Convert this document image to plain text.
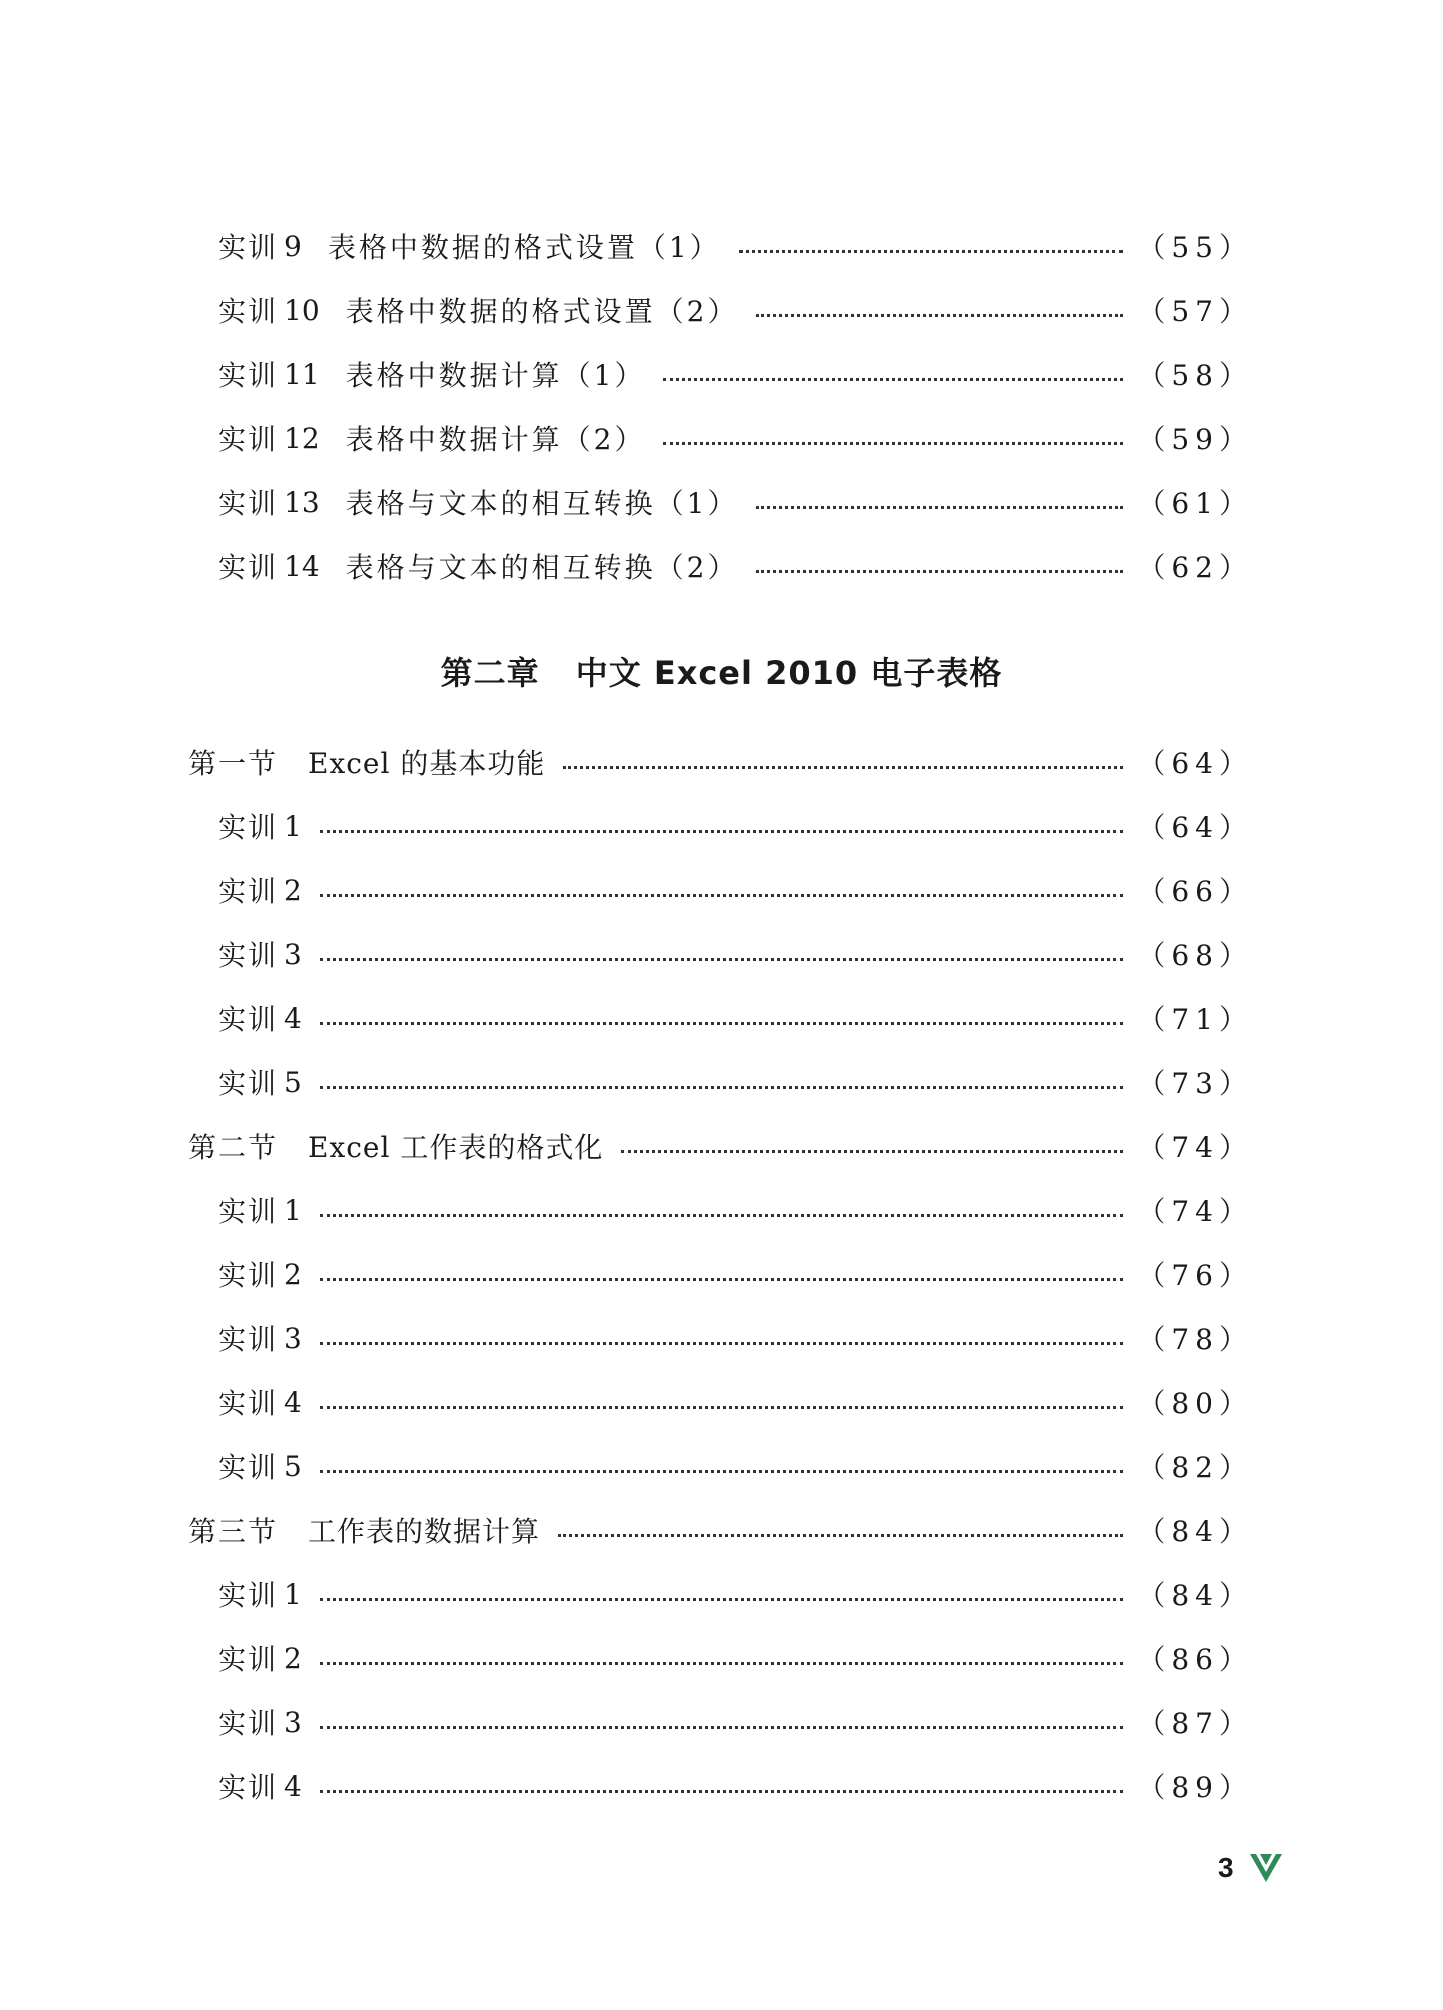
实训 9 表格中数据的格式设置（1）	（55）
实训 10 表格中数据的格式设置（2）	（57）
实训 11 表格中数据计算（1）	（58）
实训 12 表格中数据计算（2）	（59）
实训 13 表格与文本的相互转换（1）	（61）
实训 14 表格与文本的相互转换（2）	（62）
第二章 中文 Excel 2010 电子表格
第一节 Excel 的基本功能	（64）
实训 1	（64）
实训 2	（66）
实训 3	（68）
实训 4	（71）
实训 5	（73）
第二节 Excel 工作表的格式化	（74）
实训 1	（74）
实训 2	（76）
实训 3	（78）
实训 4	（80）
实训 5	（82）
第三节 工作表的数据计算	（84）
实训 1	（84）
实训 2	（86）
实训 3	（87）
实训 4	（89）
3
